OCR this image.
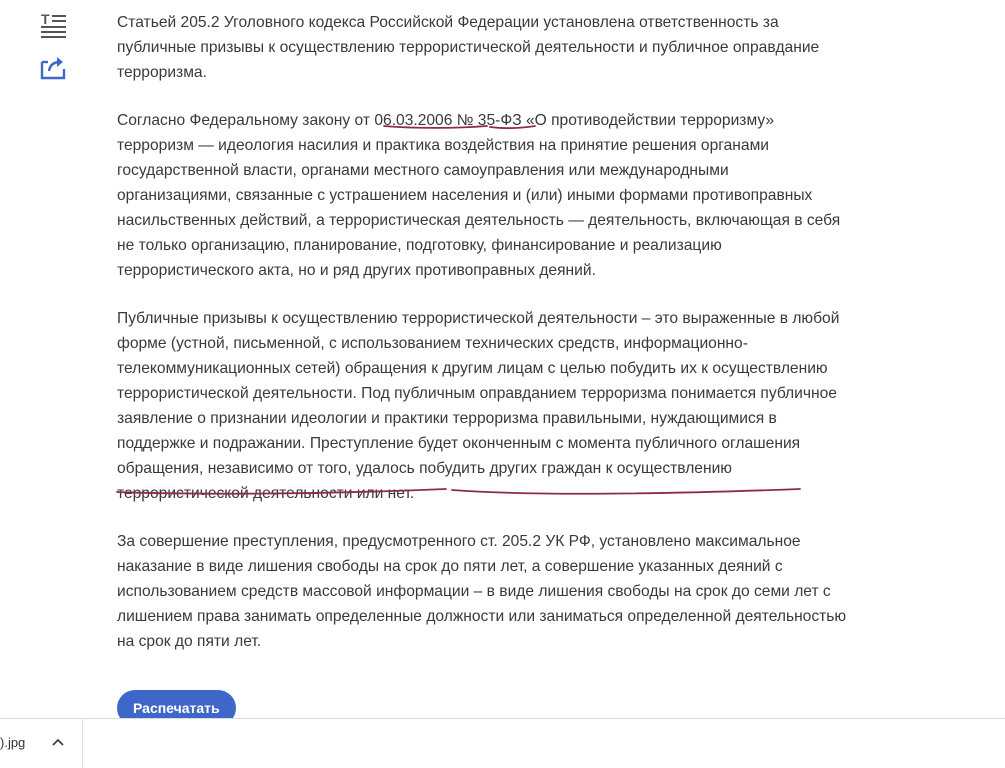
T	Статьей 205.2 Уголовного кодекса Российской Федерации установлена ответственность за публичные призывы к осуществлению террористической деятельности и публичное оправдание терроризма.

Согласно Федеральному закону от 06.03.2006 № 35-ФЗ «О противодействии терроризму» терроризм — идеология насилия и практика воздействия на принятие решения органами государственной власти, органами местного самоуправления или международными организациями, связанные с устрашением населения и (или) иными формами противоправных насильственных действий, а террористическая деятельность — деятельность, включающая в себя не только организацию, планирование, подготовку, финансирование и реализацию террористического акта, но и ряд других противоправных деяний.

Публичные призывы к осуществлению террористической деятельности – это выраженные в любой форме (устной, письменной, с использованием технических средств, информационно-телекоммуникационных сетей) обращения к другим лицам с целью побудить их к осуществлению террористической деятельности. Под публичным оправданием терроризма понимается публичное заявление о признании идеологии и практики терроризма правильными, нуждающимися в поддержке и подражании. Преступление будет оконченным с момента публичного оглашения обращения, независимо от того, удалось побудить других граждан к осуществлению террористической деятельности или нет.

За совершение преступления, предусмотренного ст. 205.2 УК РФ, установлено максимальное наказание в виде лишения свободы на срок до пяти лет, а совершение указанных деяний с использованием средств массовой информации – в виде лишения свободы на срок до семи лет с лишением права занимать определенные должности или заниматься определенной деятельностью на срок до пяти лет.

Распечатать
).jpg
